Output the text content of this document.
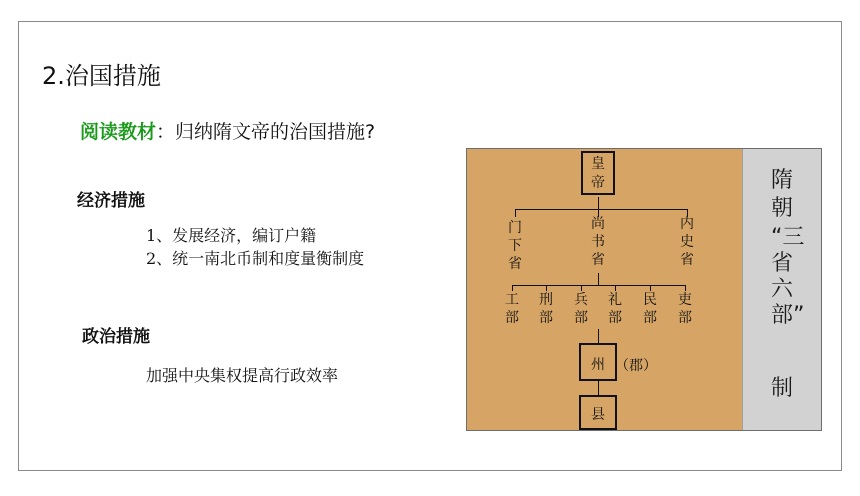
2.治国措施
阅读教材：归纳隋文帝的治国措施?
经济措施
1、发展经济，编订户籍
2、统一南北币制和度量衡制度
政治措施
加强中央集权提高行政效率
皇帝
门下省
尚书省
内史省
工部
刑部
兵部
礼部
民部
吏部
州 （郡）
县
隋朝
“三省六部”
制
